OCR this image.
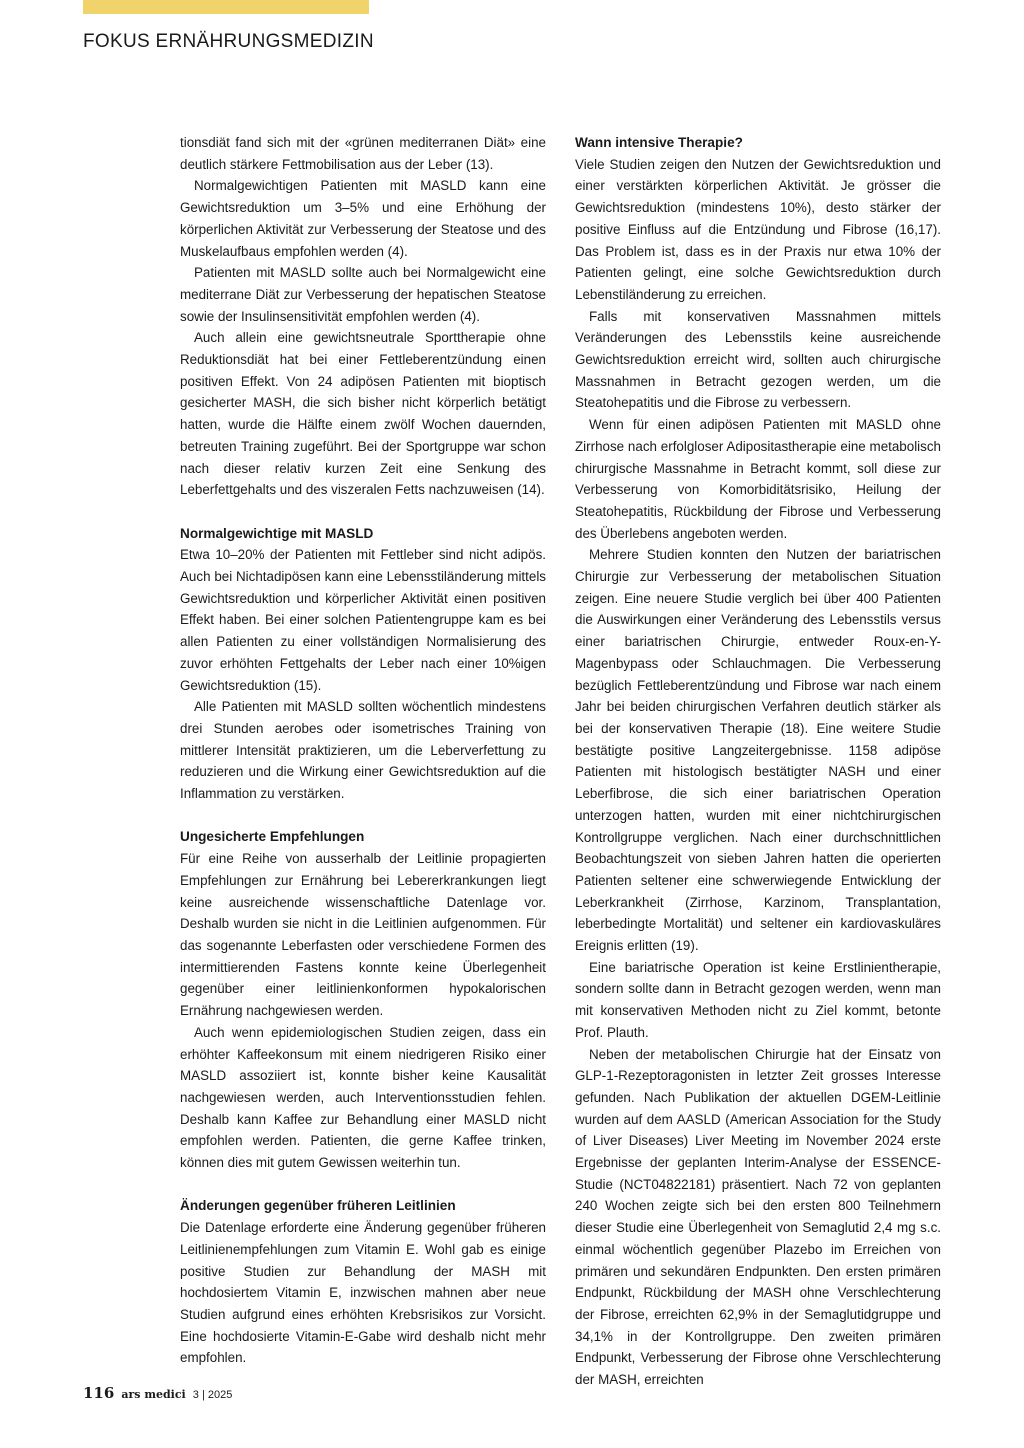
FOKUS ERNÄHRUNGSMEDIZIN

tionsdiät fand sich mit der «grünen mediterranen Diät» eine deutlich stärkere Fettmobilisation aus der Leber (13).

Normalgewichtigen Patienten mit MASLD kann eine Gewichtsreduktion um 3–5% und eine Erhöhung der körperlichen Aktivität zur Verbesserung der Steatose und des Muskelaufbaus empfohlen werden (4).

Patienten mit MASLD sollte auch bei Normalgewicht eine mediterrane Diät zur Verbesserung der hepatischen Steatose sowie der Insulinsensitivität empfohlen werden (4).

Auch allein eine gewichtsneutrale Sporttherapie ohne Reduktionsdiät hat bei einer Fettleberentzündung einen positiven Effekt. Von 24 adipösen Patienten mit bioptisch gesicherter MASH, die sich bisher nicht körperlich betätigt hatten, wurde die Hälfte einem zwölf Wochen dauernden, betreuten Training zugeführt. Bei der Sportgruppe war schon nach dieser relativ kurzen Zeit eine Senkung des Leberfettgehalts und des viszeralen Fetts nachzuweisen (14).

Normalgewichtige mit MASLD

Etwa 10–20% der Patienten mit Fettleber sind nicht adipös. Auch bei Nichtadipösen kann eine Lebensstiländerung mittels Gewichtsreduktion und körperlicher Aktivität einen positiven Effekt haben. Bei einer solchen Patientengruppe kam es bei allen Patienten zu einer vollständigen Normalisierung des zuvor erhöhten Fettgehalts der Leber nach einer 10%igen Gewichtsreduktion (15).

Alle Patienten mit MASLD sollten wöchentlich mindestens drei Stunden aerobes oder isometrisches Training von mittlerer Intensität praktizieren, um die Leberverfettung zu reduzieren und die Wirkung einer Gewichtsreduktion auf die Inflammation zu verstärken.

Ungesicherte Empfehlungen

Für eine Reihe von ausserhalb der Leitlinie propagierten Empfehlungen zur Ernährung bei Lebererkrankungen liegt keine ausreichende wissenschaftliche Datenlage vor. Deshalb wurden sie nicht in die Leitlinien aufgenommen. Für das sogenannte Leberfasten oder verschiedene Formen des intermittierenden Fastens konnte keine Überlegenheit gegenüber einer leitlinienkonformen hypokalorischen Ernährung nachgewiesen werden.

Auch wenn epidemiologischen Studien zeigen, dass ein erhöhter Kaffeekonsum mit einem niedrigeren Risiko einer MASLD assoziiert ist, konnte bisher keine Kausalität nachgewiesen werden, auch Interventionsstudien fehlen. Deshalb kann Kaffee zur Behandlung einer MASLD nicht empfohlen werden. Patienten, die gerne Kaffee trinken, können dies mit gutem Gewissen weiterhin tun.

Änderungen gegenüber früheren Leitlinien

Die Datenlage erforderte eine Änderung gegenüber früheren Leitlinienempfehlungen zum Vitamin E. Wohl gab es einige positive Studien zur Behandlung der MASH mit hochdosiertem Vitamin E, inzwischen mahnen aber neue Studien aufgrund eines erhöhten Krebsrisikos zur Vorsicht. Eine hochdosierte Vitamin-E-Gabe wird deshalb nicht mehr empfohlen.

Wann intensive Therapie?

Viele Studien zeigen den Nutzen der Gewichtsreduktion und einer verstärkten körperlichen Aktivität. Je grösser die Gewichtsreduktion (mindestens 10%), desto stärker der positive Einfluss auf die Entzündung und Fibrose (16,17). Das Problem ist, dass es in der Praxis nur etwa 10% der Patienten gelingt, eine solche Gewichtsreduktion durch Lebenstiländerung zu erreichen.

Falls mit konservativen Massnahmen mittels Veränderungen des Lebensstils keine ausreichende Gewichtsreduktion erreicht wird, sollten auch chirurgische Massnahmen in Betracht gezogen werden, um die Steatohepatitis und die Fibrose zu verbessern.

Wenn für einen adipösen Patienten mit MASLD ohne Zirrhose nach erfolgloser Adipositastherapie eine metabolisch chirurgische Massnahme in Betracht kommt, soll diese zur Verbesserung von Komorbiditätsrisiko, Heilung der Steatohepatitis, Rückbildung der Fibrose und Verbesserung des Überlebens angeboten werden.

Mehrere Studien konnten den Nutzen der bariatrischen Chirurgie zur Verbesserung der metabolischen Situation zeigen. Eine neuere Studie verglich bei über 400 Patienten die Auswirkungen einer Veränderung des Lebensstils versus einer bariatrischen Chirurgie, entweder Roux-en-Y-Magenbypass oder Schlauchmagen. Die Verbesserung bezüglich Fettleberentzündung und Fibrose war nach einem Jahr bei beiden chirurgischen Verfahren deutlich stärker als bei der konservativen Therapie (18). Eine weitere Studie bestätigte positive Langzeitergebnisse. 1158 adipöse Patienten mit histologisch bestätigter NASH und einer Leberfibrose, die sich einer bariatrischen Operation unterzogen hatten, wurden mit einer nichtchirurgischen Kontrollgruppe verglichen. Nach einer durchschnittlichen Beobachtungszeit von sieben Jahren hatten die operierten Patienten seltener eine schwerwiegende Entwicklung der Leberkrankheit (Zirrhose, Karzinom, Transplantation, leberbedingte Mortalität) und seltener ein kardiovaskuläres Ereignis erlitten (19).

Eine bariatrische Operation ist keine Erstlinientherapie, sondern sollte dann in Betracht gezogen werden, wenn man mit konservativen Methoden nicht zu Ziel kommt, betonte Prof. Plauth.

Neben der metabolischen Chirurgie hat der Einsatz von GLP-1-Rezeptoragonisten in letzter Zeit grosses Interesse gefunden. Nach Publikation der aktuellen DGEM-Leitlinie wurden auf dem AASLD (American Association for the Study of Liver Diseases) Liver Meeting im November 2024 erste Ergebnisse der geplanten Interim-Analyse der ESSENCE-Studie (NCT04822181) präsentiert. Nach 72 von geplanten 240 Wochen zeigte sich bei den ersten 800 Teilnehmern dieser Studie eine Überlegenheit von Semaglutid 2,4 mg s.c. einmal wöchentlich gegenüber Plazebo im Erreichen von primären und sekundären Endpunkten. Den ersten primären Endpunkt, Rückbildung der MASH ohne Verschlechterung der Fibrose, erreichten 62,9% in der Semaglutidgruppe und 34,1% in der Kontrollgruppe. Den zweiten primären Endpunkt, Verbesserung der Fibrose ohne Verschlechterung der MASH, erreichten

116 ars medici 3 | 2025
